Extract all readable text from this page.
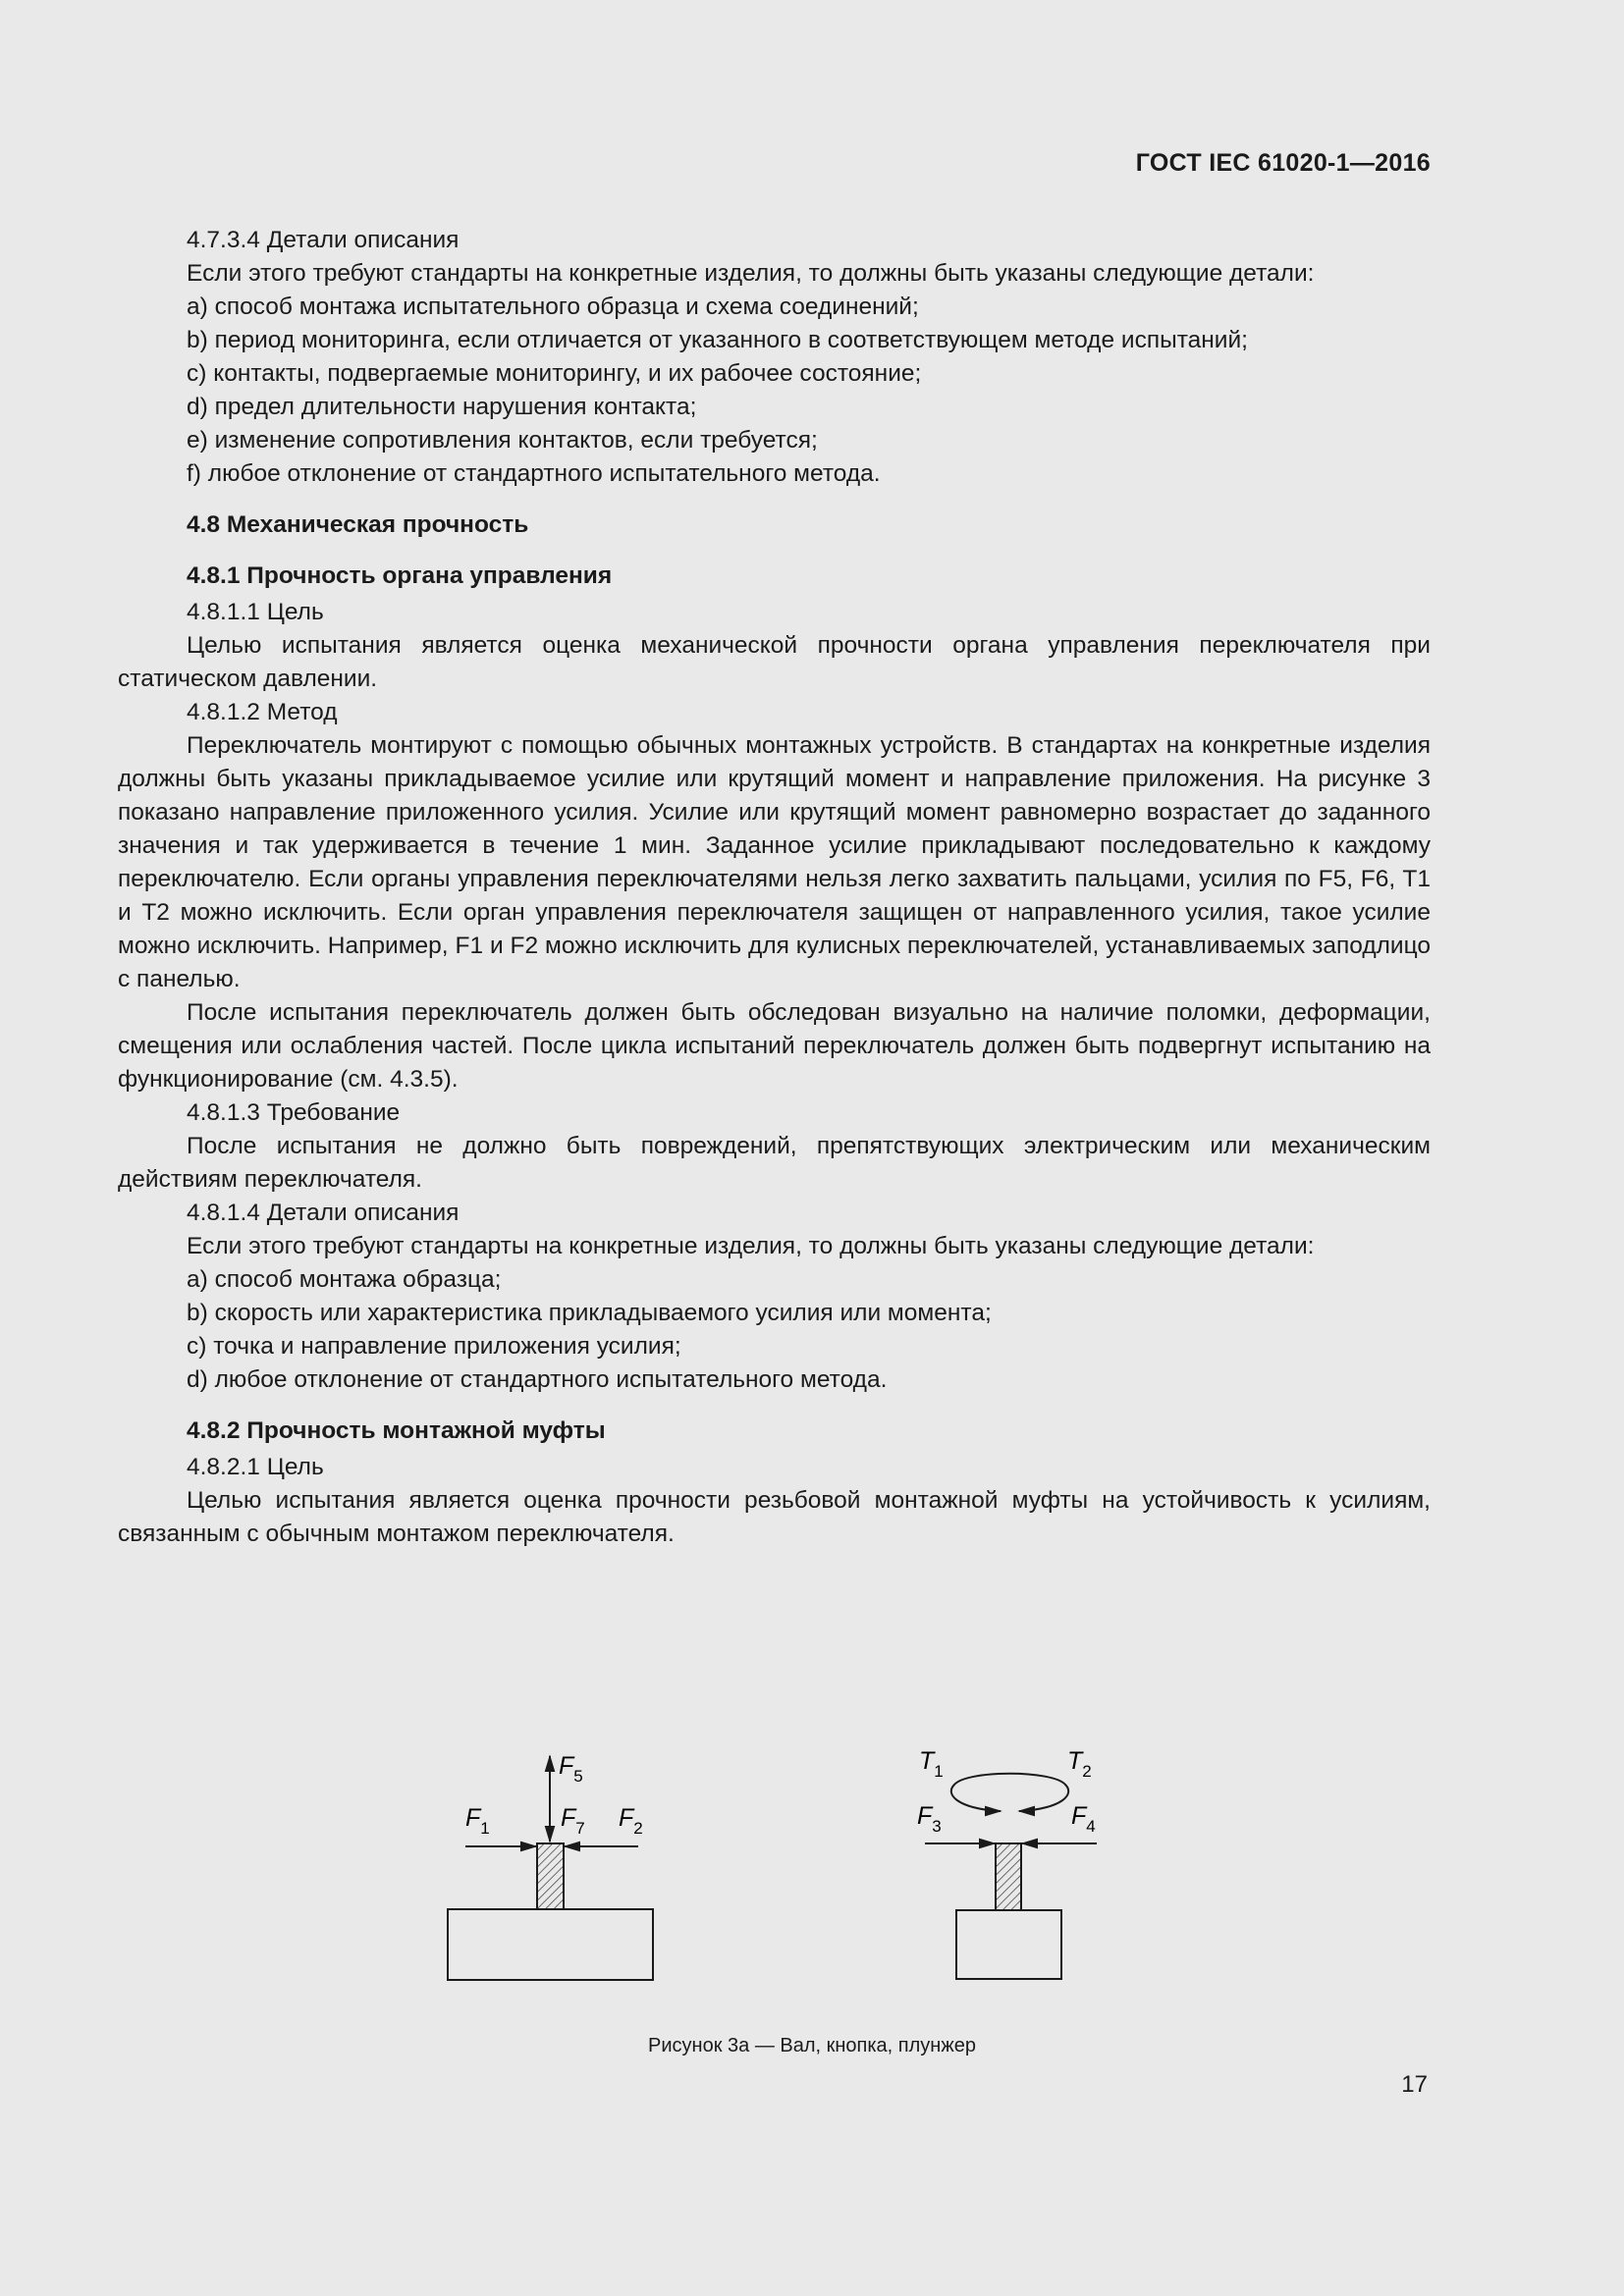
ГОСТ IEC 61020-1—2016

4.7.3.4 Детали описания

Если этого требуют стандарты на конкретные изделия, то должны быть указаны следующие детали:

a) способ монтажа испытательного образца и схема соединений;

b) период мониторинга, если отличается от указанного в соответствующем методе испытаний;

c) контакты, подвергаемые мониторингу, и их рабочее состояние;

d) предел длительности нарушения контакта;

e) изменение сопротивления контактов, если требуется;

f) любое отклонение от стандартного испытательного метода.

4.8 Механическая прочность
4.8.1 Прочность органа управления

4.8.1.1 Цель

Целью испытания является оценка механической прочности органа управления переключателя при статическом давлении.

4.8.1.2 Метод

Переключатель монтируют с помощью обычных монтажных устройств. В стандартах на конкретные изделия должны быть указаны прикладываемое усилие или крутящий момент и направление приложения. На рисунке 3 показано направление приложенного усилия. Усилие или крутящий момент равномерно возрастает до заданного значения и так удерживается в течение 1 мин. Заданное усилие прикладывают последовательно к каждому переключателю. Если органы управления переключателями нельзя легко захватить пальцами, усилия по F5, F6, T1 и T2 можно исключить. Если орган управления переключателя защищен от направленного усилия, такое усилие можно исключить. Например, F1 и F2 можно исключить для кулисных переключателей, устанавливаемых заподлицо с панелью.

После испытания переключатель должен быть обследован визуально на наличие поломки, деформации, смещения или ослабления частей. После цикла испытаний переключатель должен быть подвергнут испытанию на функционирование (см. 4.3.5).

4.8.1.3 Требование

После испытания не должно быть повреждений, препятствующих электрическим или механическим действиям переключателя.

4.8.1.4 Детали описания

Если этого требуют стандарты на конкретные изделия, то должны быть указаны следующие детали:

a) способ монтажа образца;

b) скорость или характеристика прикладываемого усилия или момента;

c) точка и направление приложения усилия;

d) любое отклонение от стандартного испытательного метода.

4.8.2 Прочность монтажной муфты

4.8.2.1 Цель

Целью испытания является оценка прочности резьбовой монтажной муфты на устойчивость к усилиям, связанным с обычным монтажом переключателя.

$F_1$	$F_2$
$F_5$
$F_7$
$T_1$	$T_2$
$F_3$	$F_4$
Рисунок 3а — Вал, кнопка, плунжер
17
